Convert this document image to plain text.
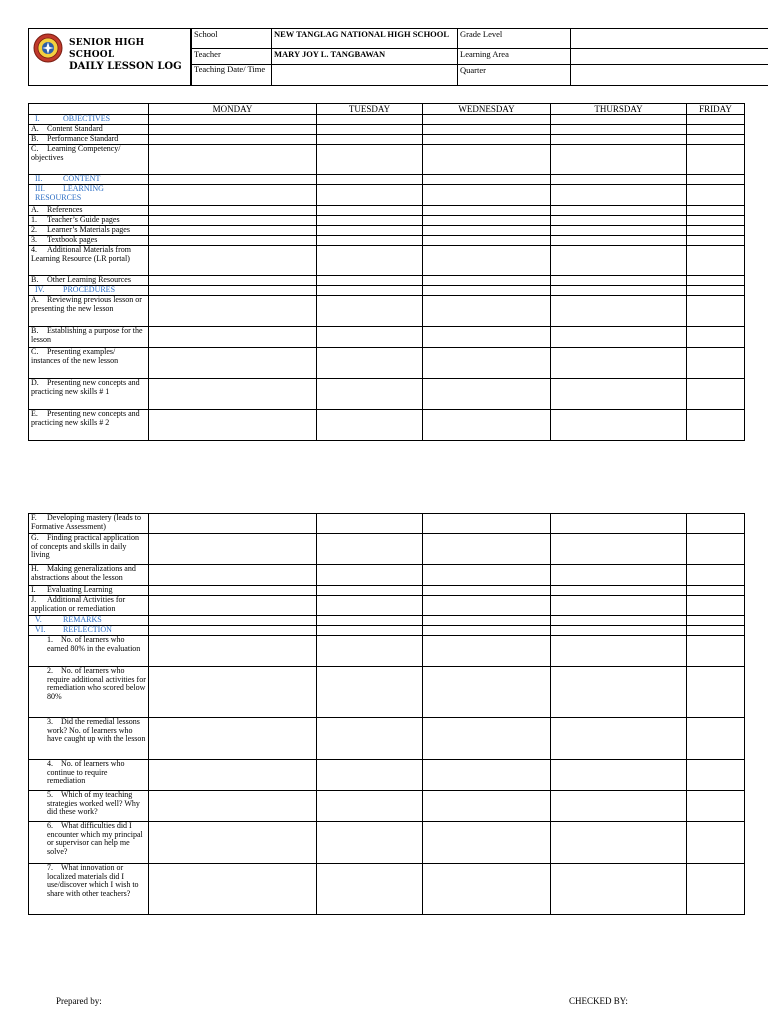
SENIOR HIGH SCHOOL
DAILY LESSON LOG
School	NEW TANGLAG NATIONAL HIGH SCHOOL	Grade Level	
Teacher	MARY JOY L. TANGBAWAN	Learning Area	
Teaching Date/ Time		Quarter	
	MONDAY	TUESDAY	WEDNESDAY	THURSDAY	FRIDAY
I. OBJECTIVES					
A. Content Standard					
B. Performance Standard					
C. Learning Competency/ objectives					
II. CONTENT					
III. LEARNING RESOURCES					
A. References					
1. Teacher’s Guide pages					
2. Learner’s Materials pages					
3. Textbook pages					
4. Additional Materials from Learning Resource (LR portal)					
B. Other Learning Resources					
IV. PROCEDURES					
A. Reviewing previous lesson or presenting the new lesson					
B. Establishing a purpose for the lesson					
C. Presenting examples/ instances of the new lesson					
D. Presenting new concepts and practicing new skills # 1					
E. Presenting new concepts and practicing new skills # 2					
F. Developing mastery (leads to Formative Assessment)					
G. Finding practical application of concepts and skills in daily living					
H. Making generalizations and abstractions about the lesson					
I. Evaluating Learning					
J. Additional Activities for application or remediation					
V. REMARKS					
VI. REFLECTION					
1. No. of learners who earned 80% in the evaluation					
2. No. of learners who require additional activities for remediation who scored below 80%					
3. Did the remedial lessons work? No. of learners who have caught up with the lesson					
4. No. of learners who continue to require remediation					
5. Which of my teaching strategies worked well? Why did these work?					
6. What difficulties did I encounter which my principal or supervisor can help me solve?					
7. What innovation or localized materials did I use/discover which I wish to share with other teachers?					
Prepared by:	CHECKED BY:
